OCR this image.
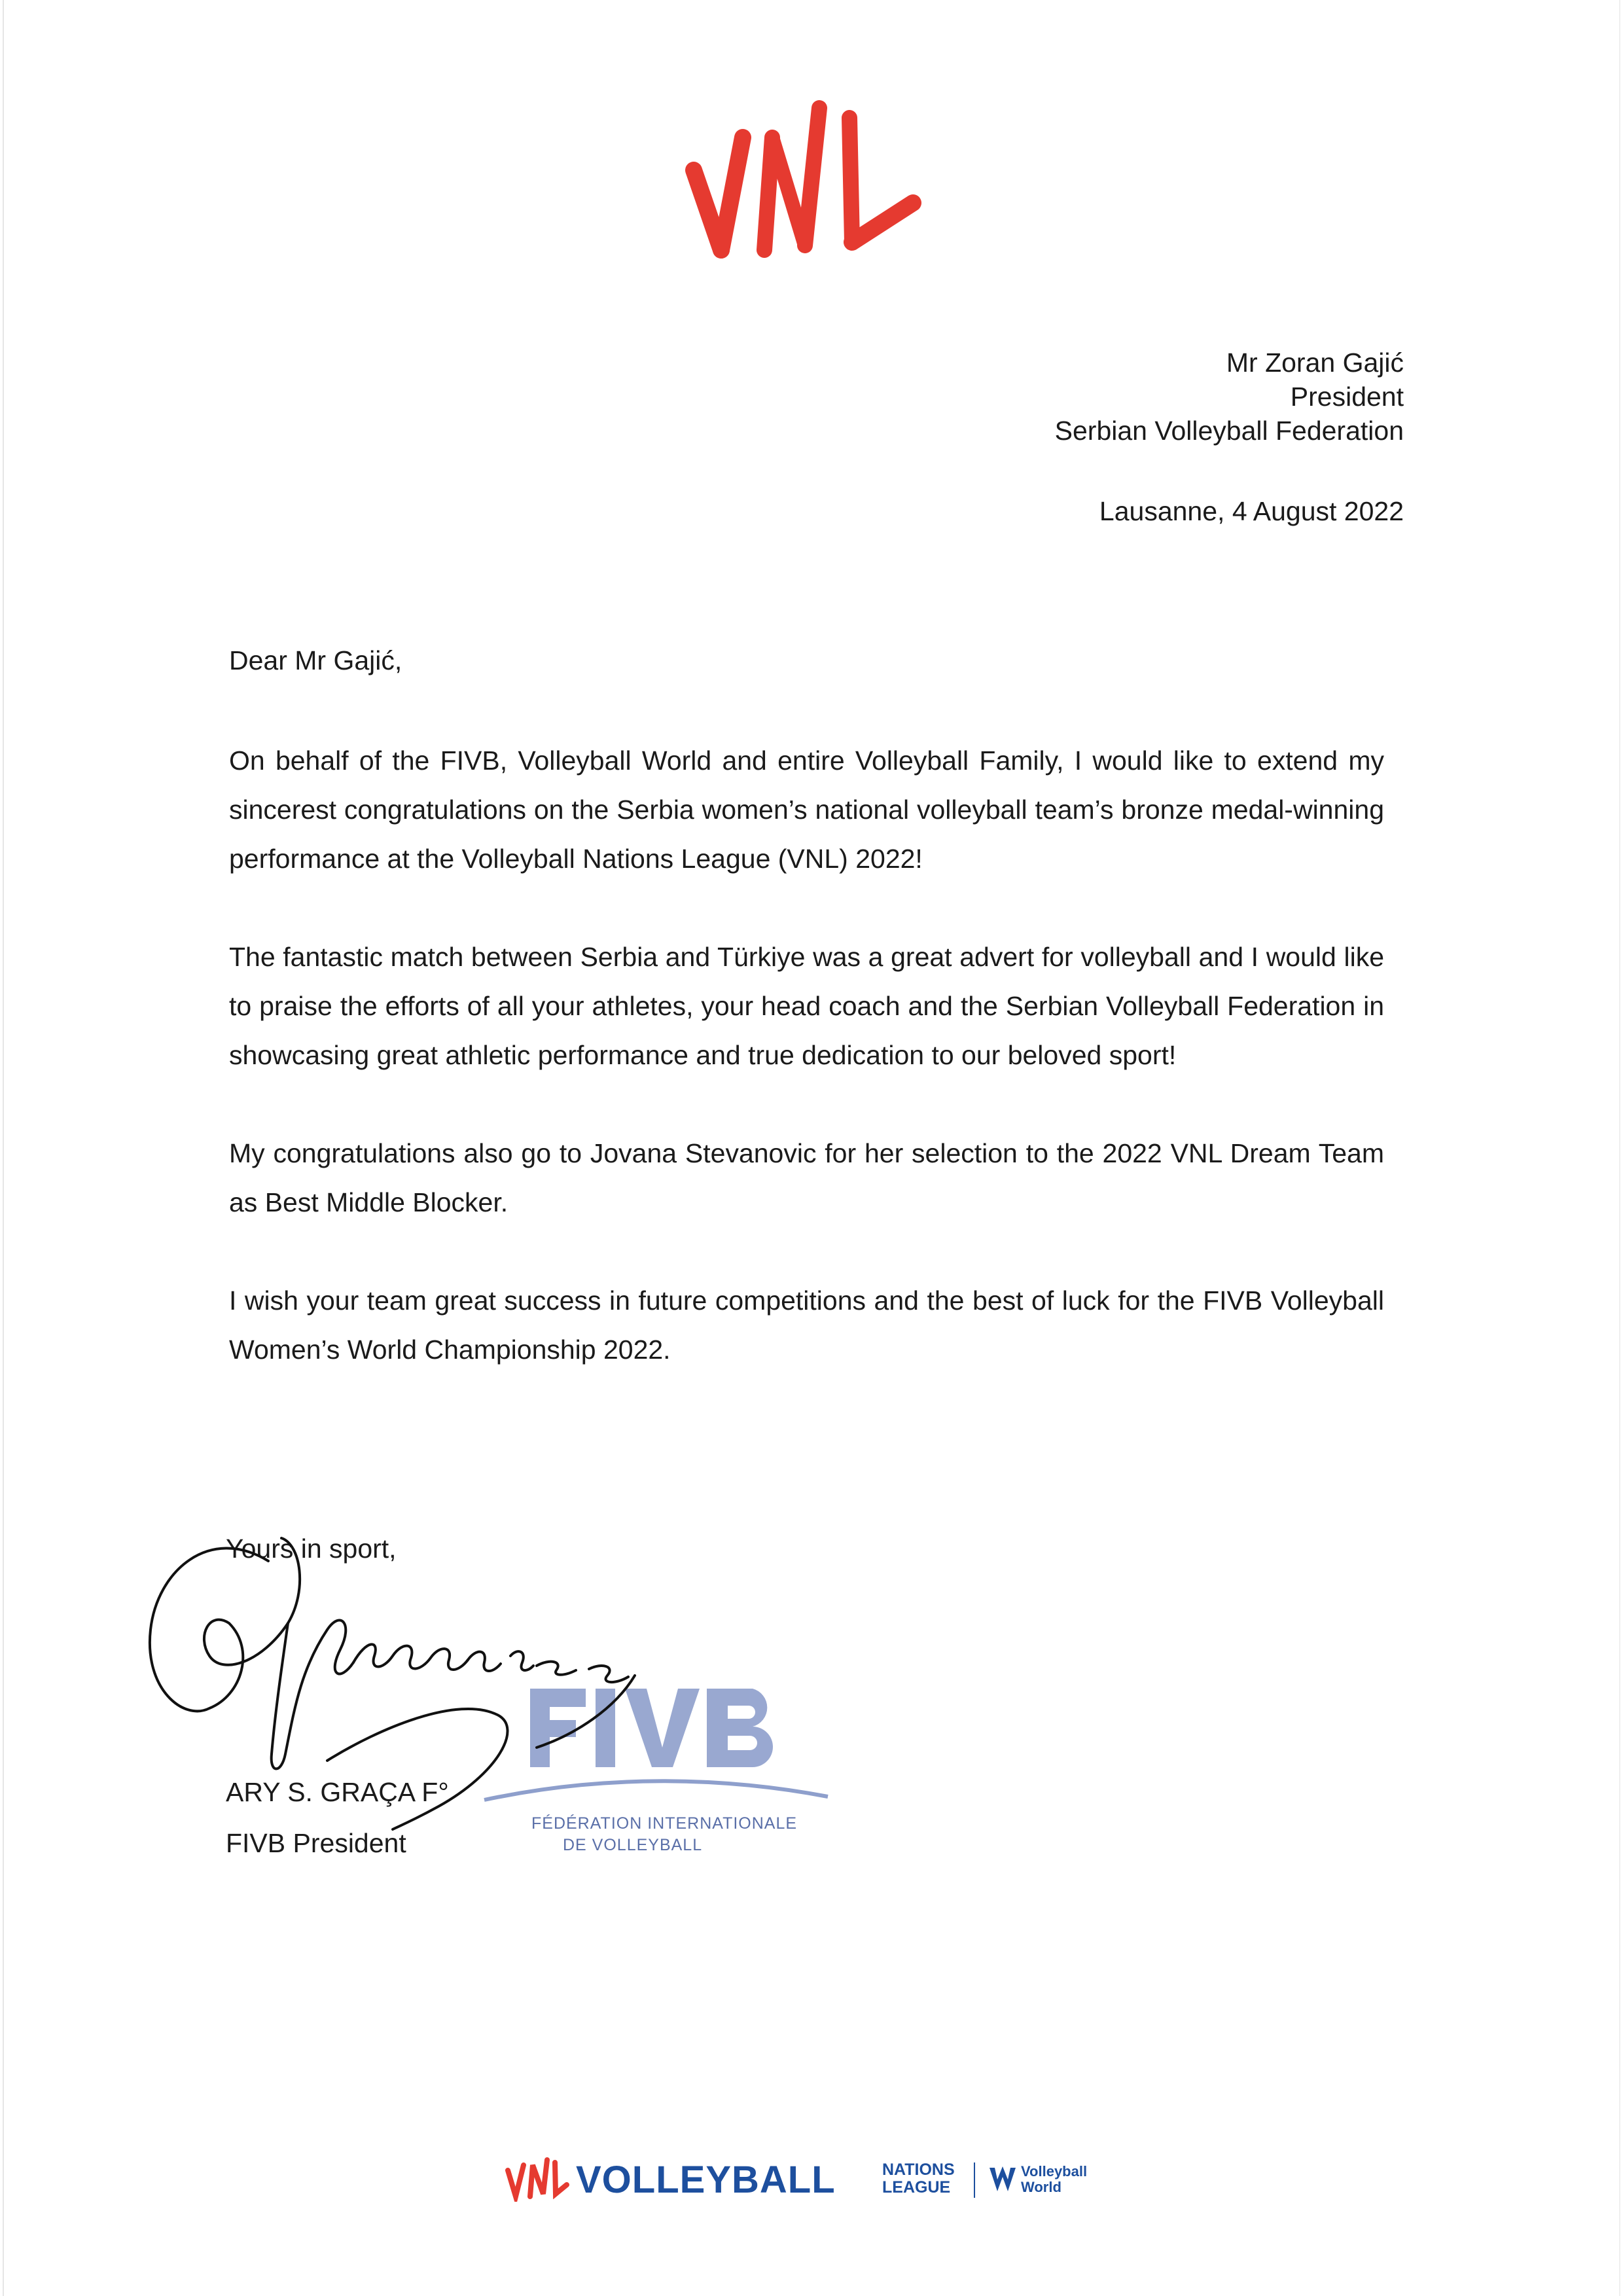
Mr Zoran Gajić
President
Serbian Volleyball Federation
Lausanne, 4 August 2022
Dear Mr Gajić,

On behalf of the FIVB, Volleyball World and entire Volleyball Family, I would like to extend my sincerest congratulations on the Serbia women’s national volleyball team’s bronze medal-winning performance at the Volleyball Nations League (VNL) 2022!

The fantastic match between Serbia and Türkiye was a great advert for volleyball and I would like to praise the efforts of all your athletes, your head coach and the Serbian Volleyball Federation in showcasing great athletic performance and true dedication to our beloved sport!

My congratulations also go to Jovana Stevanovic for her selection to the 2022 VNL Dream Team as Best Middle Blocker.

I wish your team great success in future competitions and the best of luck for the FIVB Volleyball Women’s World Championship 2022.

Yours in sport,
FÉDÉRATION INTERNATIONALE
DE VOLLEYBALL
ARY S. GRAÇA F°
FIVB President
VOLLEYBALL	NATIONS
LEAGUE
Volleyball
World
